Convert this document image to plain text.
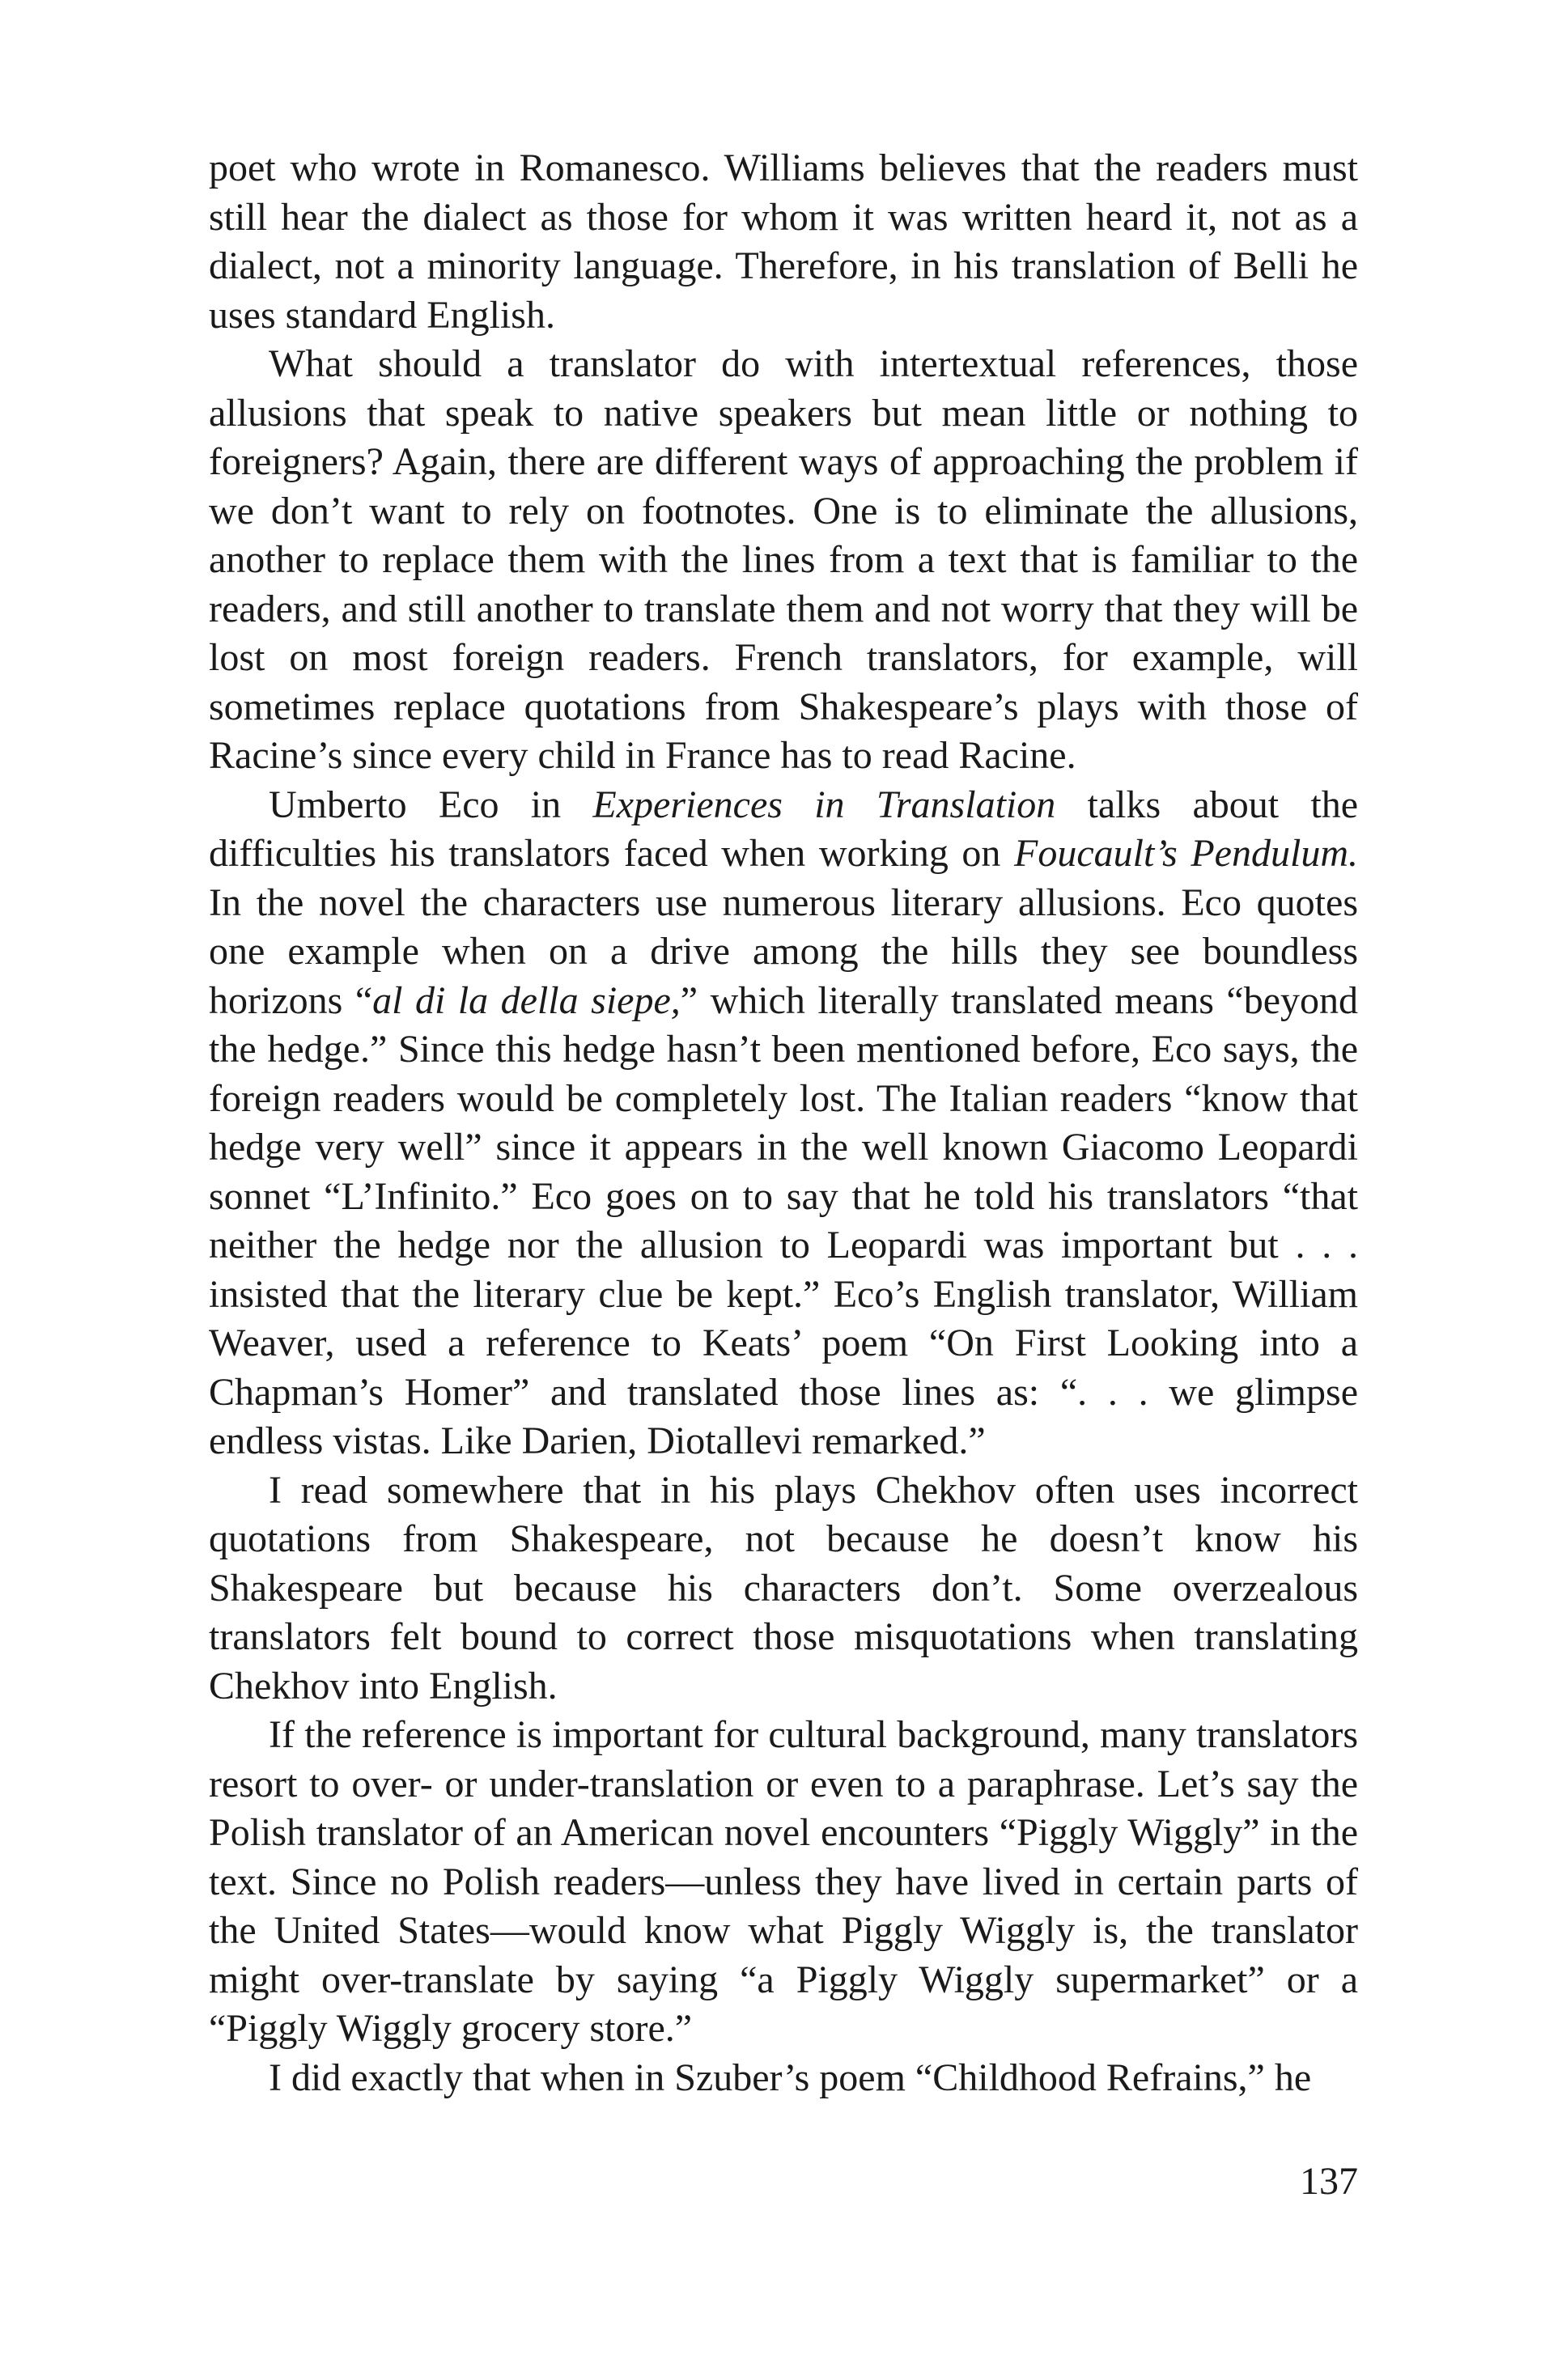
poet who wrote in Romanesco. Williams believes that the readers must still hear the dialect as those for whom it was written heard it, not as a dialect, not a minority language. Therefore, in his translation of Belli he uses standard English.

What should a translator do with intertextual references, those allusions that speak to native speakers but mean little or nothing to foreigners? Again, there are different ways of approaching the problem if we don’t want to rely on footnotes. One is to eliminate the allusions, another to replace them with the lines from a text that is familiar to the readers, and still another to translate them and not worry that they will be lost on most foreign readers. French translators, for example, will sometimes replace quotations from Shakespeare’s plays with those of Racine’s since every child in France has to read Racine.

Umberto Eco in Experiences in Translation talks about the difficulties his translators faced when working on Foucault’s Pendulum. In the novel the characters use numerous literary allusions. Eco quotes one example when on a drive among the hills they see boundless horizons “al di la della siepe,” which literally translated means “beyond the hedge.” Since this hedge hasn’t been mentioned before, Eco says, the foreign readers would be completely lost. The Italian readers “know that hedge very well” since it appears in the well known Giacomo Leopardi sonnet “L’Infinito.” Eco goes on to say that he told his translators “that neither the hedge nor the allusion to Leopardi was important but . . . insisted that the literary clue be kept.” Eco’s English translator, William Weaver, used a reference to Keats’ poem “On First Looking into a Chapman’s Homer” and translated those lines as: “. . . we glimpse endless vistas. Like Darien, Diotallevi remarked.”

I read somewhere that in his plays Chekhov often uses incorrect quotations from Shakespeare, not because he doesn’t know his Shakespeare but because his characters don’t. Some overzealous translators felt bound to correct those misquotations when translating Chekhov into English.

If the reference is important for cultural background, many translators resort to over- or under-translation or even to a paraphrase. Let’s say the Polish translator of an American novel encounters “Piggly Wiggly” in the text. Since no Polish readers—unless they have lived in certain parts of the United States—would know what Piggly Wiggly is, the translator might over-translate by saying “a Piggly Wiggly supermarket” or a “Piggly Wiggly grocery store.”

I did exactly that when in Szuber’s poem “Childhood Refrains,” he

137
